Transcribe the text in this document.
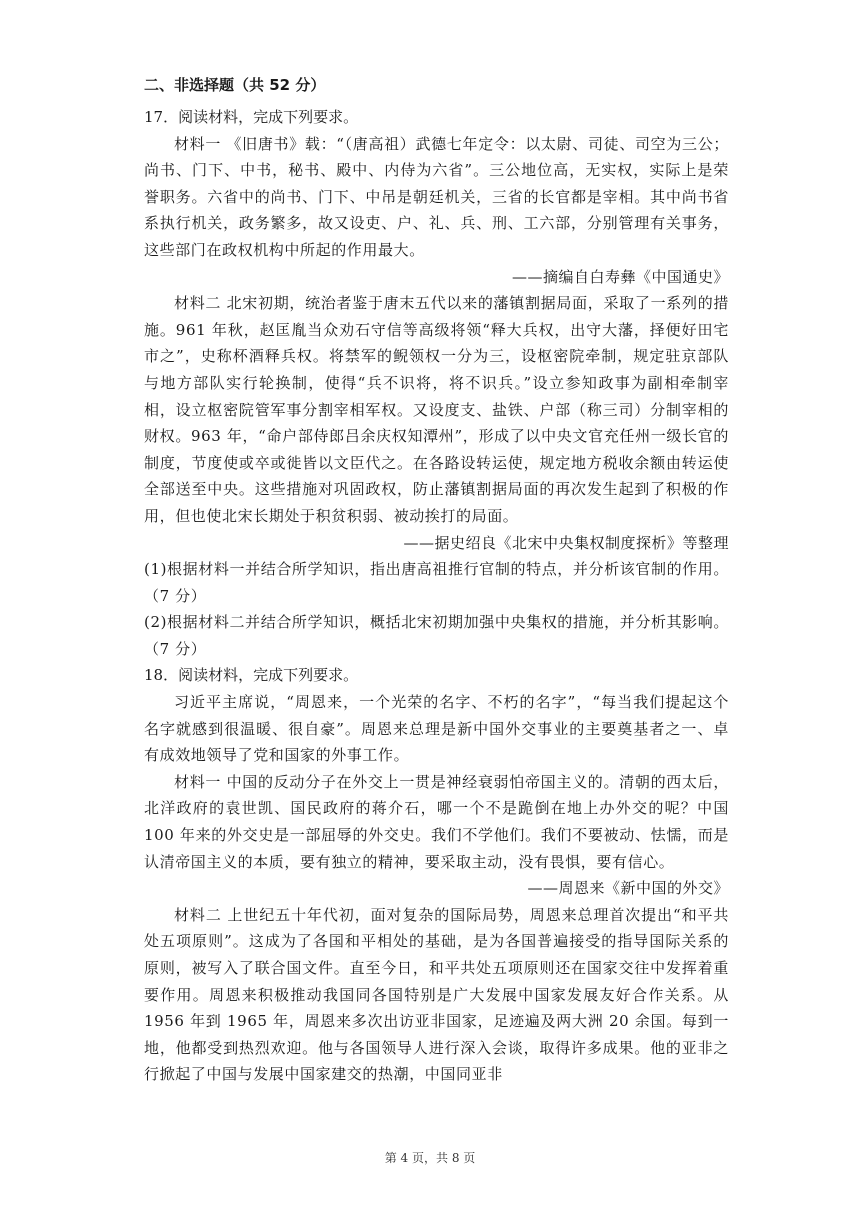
二、非选择题（共 52 分）

17．阅读材料，完成下列要求。

材料一 《旧唐书》载：“（唐高祖）武德七年定令：以太尉、司徒、司空为三公；尚书、门下、中书，秘书、殿中、内侍为六省”。三公地位高，无实权，实际上是荣誉职务。六省中的尚书、门下、中吊是朝廷机关，三省的长官都是宰相。其中尚书省系执行机关，政务繁多，故又设吏、户、礼、兵、刑、工六部，分别管理有关事务，这些部门在政权机构中所起的作用最大。

——摘编自白寿彝《中国通史》

材料二 北宋初期，统治者鉴于唐末五代以来的藩镇割据局面，采取了一系列的措施。961 年秋，赵匡胤当众劝石守信等高级将领“释大兵权，出守大藩，择便好田宅市之”，史称杯酒释兵权。将禁军的鲵领权一分为三，设枢密院牵制，规定驻京部队与地方部队实行轮换制，使得“兵不识将，将不识兵。”设立参知政事为副相牵制宰相，设立枢密院管军事分割宰相军权。又设度支、盐铁、户部（称三司）分制宰相的财权。963 年，“命户部侍郎吕余庆权知潭州”，形成了以中央文官充任州一级长官的制度，节度使或卒或徙皆以文臣代之。在各路设转运使，规定地方税收余额由转运使全部送至中央。这些措施对巩固政权，防止藩镇割据局面的再次发生起到了积极的作用，但也使北宋长期处于积贫积弱、被动挨打的局面。

——据史绍良《北宋中央集权制度探析》等整理

(1)根据材料一并结合所学知识，指出唐高祖推行官制的特点，并分析该官制的作用。（7 分）

(2)根据材料二并结合所学知识，概括北宋初期加强中央集权的措施，并分析其影响。（7 分）

18．阅读材料，完成下列要求。

习近平主席说，“周恩来，一个光荣的名字、不朽的名字”，“每当我们提起这个名字就感到很温暖、很自豪”。周恩来总理是新中国外交事业的主要奠基者之一、卓有成效地领导了党和国家的外事工作。

材料一 中国的反动分子在外交上一贯是神经衰弱怕帝国主义的。清朝的西太后，北洋政府的袁世凯、国民政府的蒋介石，哪一个不是跪倒在地上办外交的呢？中国 100 年来的外交史是一部屈辱的外交史。我们不学他们。我们不要被动、怯懦，而是认清帝国主义的本质，要有独立的精神，要采取主动，没有畏惧，要有信心。

——周恩来《新中国的外交》

材料二 上世纪五十年代初，面对复杂的国际局势，周恩来总理首次提出“和平共处五项原则”。这成为了各国和平相处的基础，是为各国普遍接受的指导国际关系的原则，被写入了联合国文件。直至今日，和平共处五项原则还在国家交往中发挥着重要作用。周恩来积极推动我国同各国特别是广大发展中国家发展友好合作关系。从 1956 年到 1965 年，周恩来多次出访亚非国家，足迹遍及两大洲 20 余国。每到一地，他都受到热烈欢迎。他与各国领导人进行深入会谈，取得许多成果。他的亚非之行掀起了中国与发展中国家建交的热潮，中国同亚非

第 4 页，共 8 页
